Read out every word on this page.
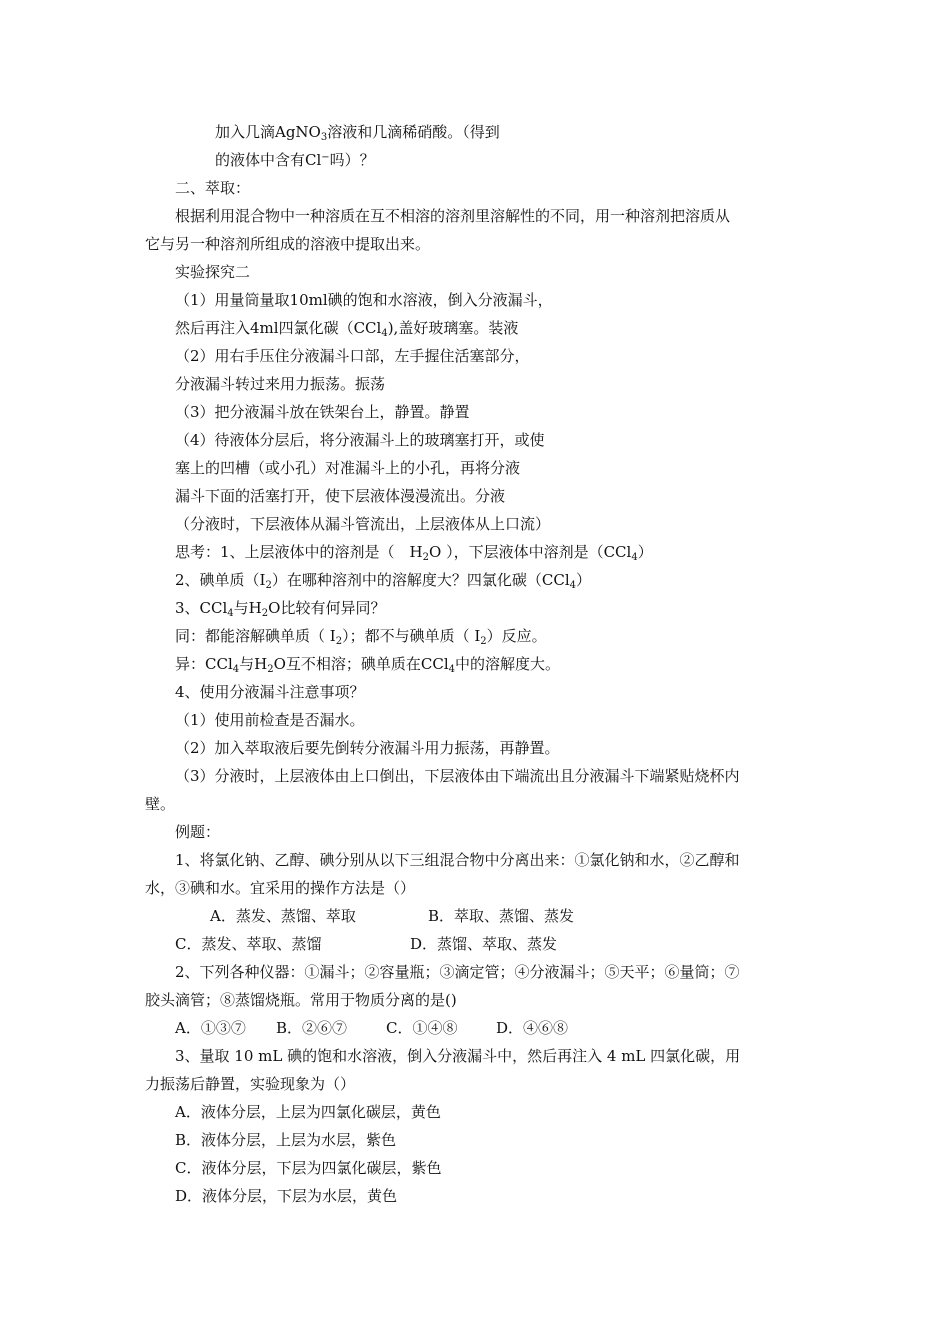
加入几滴AgNO$_3$溶液和几滴稀硝酸。（得到
的液体中含有Cl−吗）？
二、萃取：
根据利用混合物中一种溶质在互不相溶的溶剂里溶解性的不同，用一种溶剂把溶质从
它与另一种溶剂所组成的溶液中提取出来。
实验探究二
（1）用量筒量取10ml碘的饱和水溶液，倒入分液漏斗，
然后再注入4ml四氯化碳（CCl$_4$),盖好玻璃塞。装液
（2）用右手压住分液漏斗口部，左手握住活塞部分，
分液漏斗转过来用力振荡。振荡
（3）把分液漏斗放在铁架台上，静置。静置
（4）待液体分层后，将分液漏斗上的玻璃塞打开，或使
塞上的凹槽（或小孔）对准漏斗上的小孔，再将分液
漏斗下面的活塞打开，使下层液体漫漫流出。分液
（分液时，下层液体从漏斗管流出，上层液体从上口流）
思考：1、上层液体中的溶剂是（　$H_2O$ ），下层液体中溶剂是（CCl$_4$）
2、碘单质$(I_2)$在哪种溶剂中的溶解度大？四氯化碳（CCl$_4$）
3、CCl$_4$与$H_2O$比较有何异同？
同：都能溶解碘单质（ $I_2$）；都不与碘单质（ $I_2$）反应。
异：CCl$_4$与$H_2O$互不相溶；碘单质在CCl$_4$中的溶解度大。
4、使用分液漏斗注意事项？
（1）使用前检查是否漏水。
（2）加入萃取液后要先倒转分液漏斗用力振荡，再静置。
（3）分液时，上层液体由上口倒出，下层液体由下端流出且分液漏斗下端紧贴烧杯内
壁。
例题：
1、将氯化钠、乙醇、碘分别从以下三组混合物中分离出来：①氯化钠和水，②乙醇和
水，③碘和水。宜采用的操作方法是（）
A．蒸发、蒸馏、萃取	B．萃取、蒸馏、蒸发
C．蒸发、萃取、蒸馏	D．蒸馏、萃取、蒸发
2、下列各种仪器：①漏斗；②容量瓶；③滴定管；④分液漏斗；⑤天平；⑥量筒；⑦
胶头滴管；⑧蒸馏烧瓶。常用于物质分离的是()
A．①③⑦ B．②⑥⑦	C．①④⑧	D．④⑥⑧
3、量取 10 mL 碘的饱和水溶液，倒入分液漏斗中，然后再注入 4 mL 四氯化碳，用
力振荡后静置，实验现象为（）
A．液体分层，上层为四氯化碳层，黄色
B．液体分层，上层为水层，紫色
C．液体分层，下层为四氯化碳层，紫色
D．液体分层，下层为水层，黄色
